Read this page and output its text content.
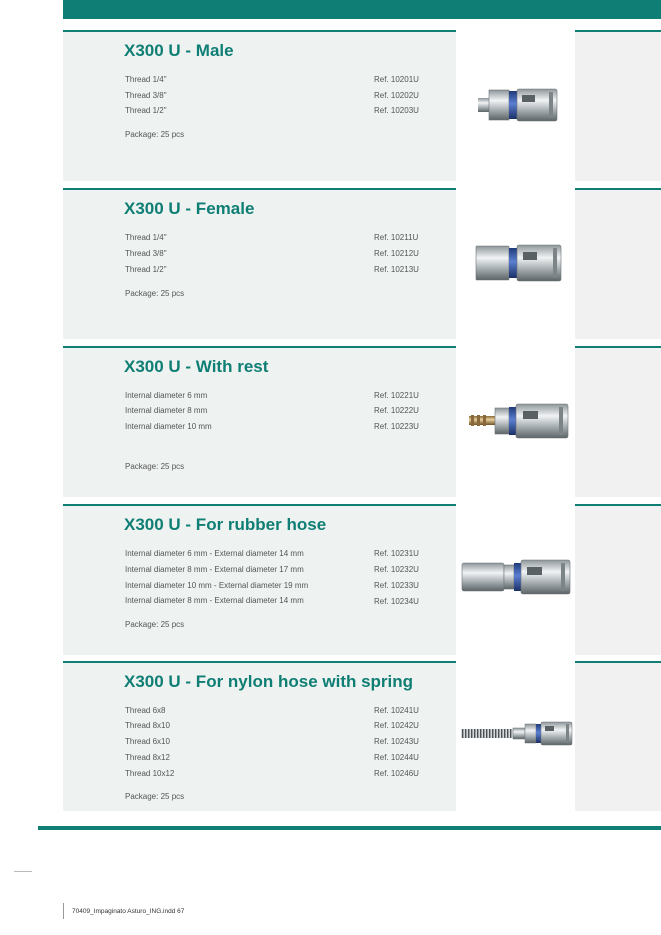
X300 U - Male
Thread 1/4"	Ref. 10201U
Thread 3/8"	Ref. 10202U
Thread 1/2"	Ref. 10203U
Package: 25 pcs
X300 U - Female
Thread 1/4"	Ref. 10211U
Thread 3/8"	Ref. 10212U
Thread 1/2"	Ref. 10213U
Package: 25 pcs
X300 U - With rest
Internal diameter 6 mm	Ref. 10221U
Internal diameter 8 mm	Ref. 10222U
Internal diameter 10 mm	Ref. 10223U
Package: 25 pcs
X300 U - For rubber hose
Internal diameter 6 mm - External diameter 14 mm	Ref. 10231U
Internal diameter 8 mm - External diameter 17 mm	Ref. 10232U
Internal diameter 10 mm - External diameter 19 mm	Ref. 10233U
Internal diameter 8 mm - External diameter 14 mm	Ref. 10234U
Package: 25 pcs
X300 U - For nylon hose with spring
Thread 6x8	Ref. 10241U
Thread 8x10	Ref. 10242U
Thread 6x10	Ref. 10243U
Thread 8x12	Ref. 10244U
Thread 10x12	Ref. 10246U
Package: 25 pcs
70409_Impaginato Asturo_ING.indd 67
